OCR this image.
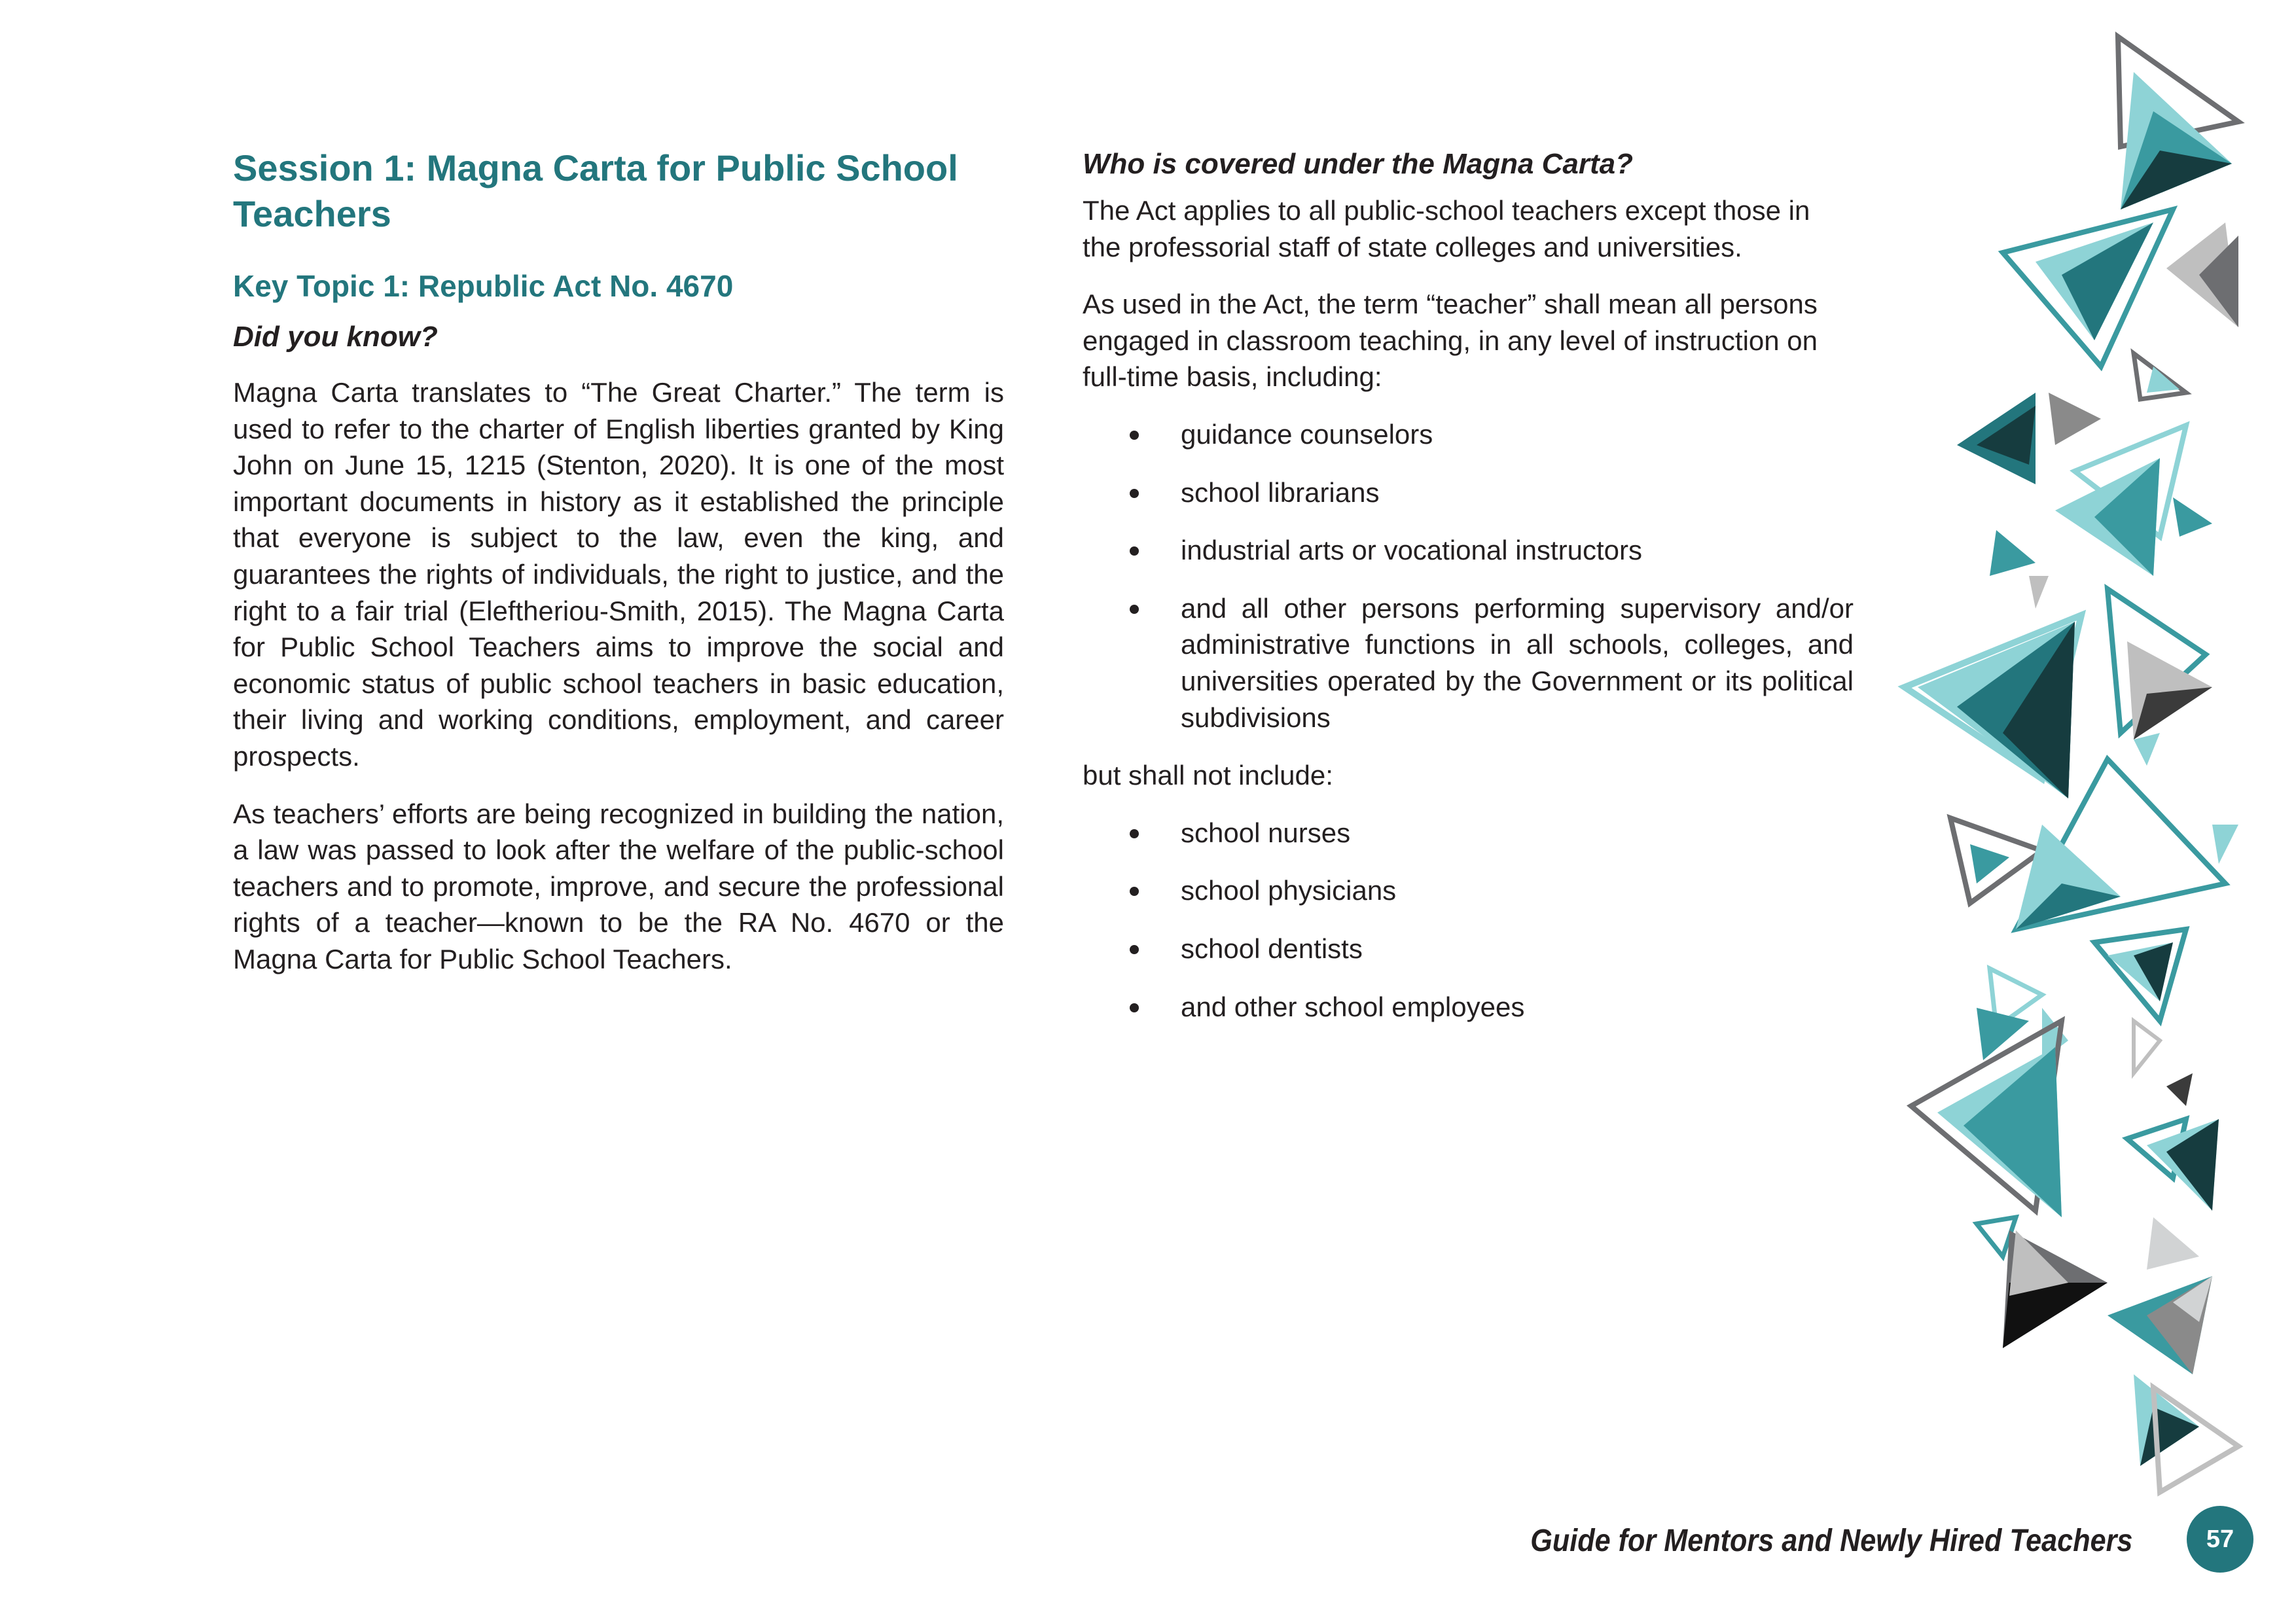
Session 1: Magna Carta for Public School Teachers
Key Topic 1: Republic Act No. 4670
Did you know?

Magna Carta translates to “The Great Charter.” The term is used to refer to the charter of English liberties granted by King John on June 15, 1215 (Stenton, 2020). It is one of the most important documents in history as it established the principle that everyone is subject to the law, even the king, and guarantees the rights of individuals, the right to justice, and the right to a fair trial (Eleftheriou-Smith, 2015). The Magna Carta for Public School Teachers aims to improve the social and economic status of public school teachers in basic education, their living and working conditions, employment, and career prospects.

As teachers’ efforts are being recognized in building the nation, a law was passed to look after the welfare of the public-school teachers and to promote, improve, and secure the professional rights of a teacher—known to be the RA No. 4670 or the Magna Carta for Public School Teachers.

Who is covered under the Magna Carta?

The Act applies to all public-school teachers except those in the professorial staff of state colleges and universities.

As used in the Act, the term “teacher” shall mean all persons engaged in classroom teaching, in any level of instruction on full-time basis, including:

guidance counselors
school librarians
industrial arts or vocational instructors
and all other persons performing supervisory and/or administrative functions in all schools, colleges, and universities operated by the Government or its political subdivisions

but shall not include:

school nurses
school physicians
school dentists
and other school employees
Guide for Mentors and Newly Hired Teachers	57
